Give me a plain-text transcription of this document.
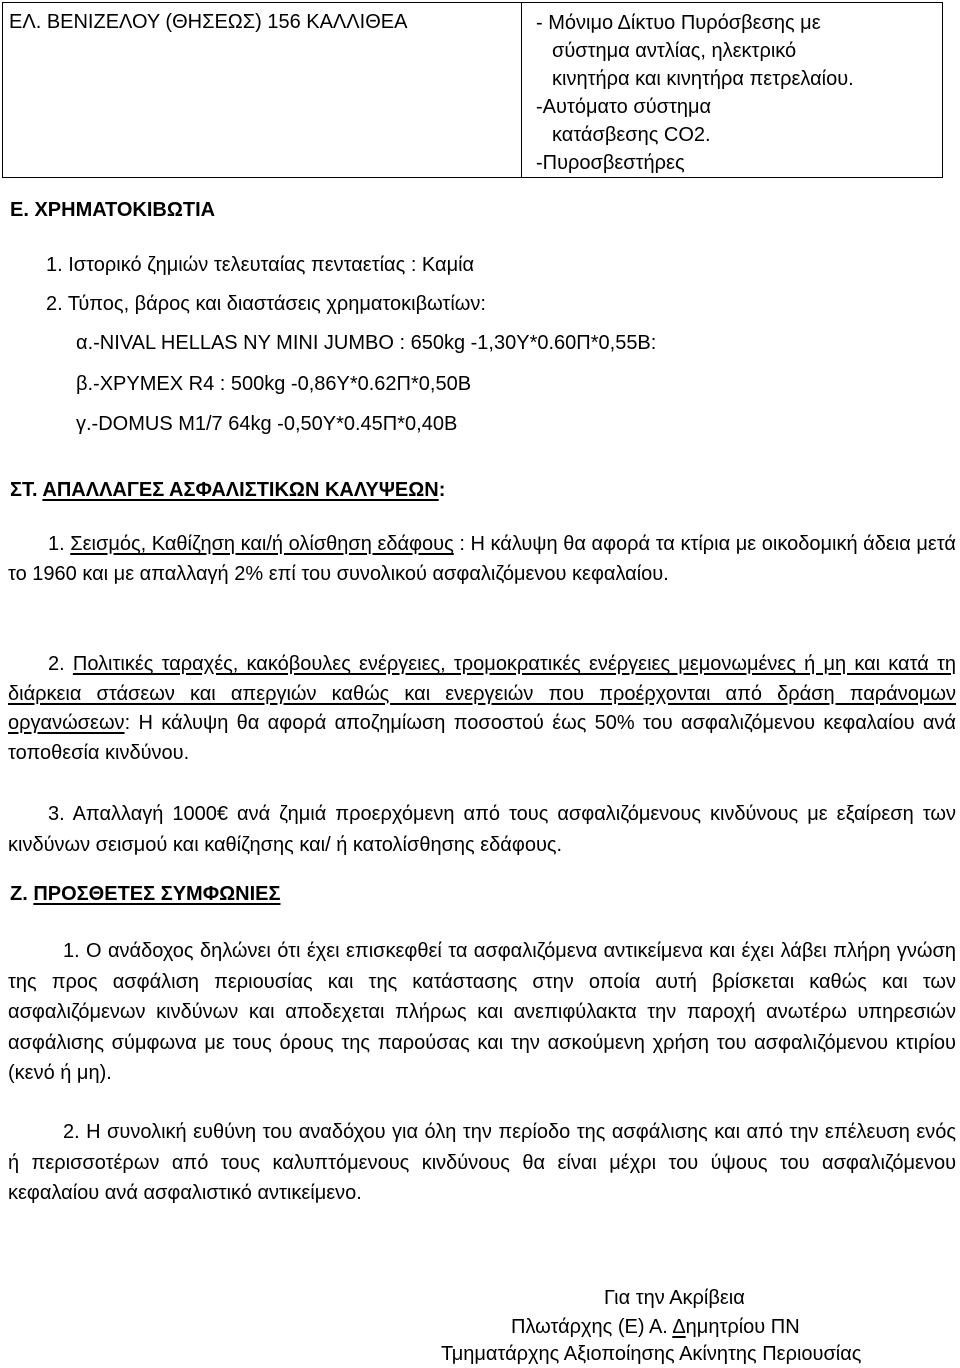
ΕΛ. ΒΕΝΙΖΕΛΟΥ (ΘΗΣΕΩΣ) 156 ΚΑΛΛΙΘΕΑ	- Μόνιμο Δίκτυο Πυρόσβεσης με
σύστημα αντλίας, ηλεκτρικό
κινητήρα και κινητήρα πετρελαίου.
-Αυτόματο σύστημα
κατάσβεσης CO2.
-Πυροσβεστήρες
Ε. ΧΡΗΜΑΤΟΚΙΒΩΤΙΑ
1. Ιστορικό ζημιών τελευταίας πενταετίας : Καμία
2. Τύπος, βάρος και διαστάσεις χρηματοκιβωτίων:
α.-NIVAL HELLAS NY MINI JUMBO : 650kg -1,30Υ*0.60Π*0,55Β:
β.-ΧΡΥΜΕΧ R4 : 500kg -0,86Υ*0.62Π*0,50Β
γ.-DOMUS M1/7 64kg -0,50Υ*0.45Π*0,40Β
ΣΤ. ΑΠΑΛΛΑΓΕΣ ΑΣΦΑΛΙΣΤΙΚΩΝ ΚΑΛΥΨΕΩΝ:
1. Σεισμός, Καθίζηση και/ή ολίσθηση εδάφους : Η κάλυψη θα αφορά τα κτίρια με οικοδομική άδεια μετά το 1960 και με απαλλαγή 2% επί του συνολικού ασφαλιζόμενου κεφαλαίου.
2. Πολιτικές ταραχές, κακόβουλες ενέργειες, τρομοκρατικές ενέργειες μεμονωμένες ή μη και κατά τη διάρκεια στάσεων και απεργιών καθώς και ενεργειών που προέρχονται από δράση παράνομων οργανώσεων: Η κάλυψη θα αφορά αποζημίωση ποσοστού έως 50% του ασφαλιζόμενου κεφαλαίου ανά τοποθεσία κινδύνου.
3. Απαλλαγή 1000€ ανά ζημιά προερχόμενη από τους ασφαλιζόμενους κινδύνους με εξαίρεση των κινδύνων σεισμού και καθίζησης και/ ή κατολίσθησης εδάφους.
Ζ. ΠΡΟΣΘΕΤΕΣ ΣΥΜΦΩΝΙΕΣ
1. Ο ανάδοχος δηλώνει ότι έχει επισκεφθεί τα ασφαλιζόμενα αντικείμενα και έχει λάβει πλήρη γνώση της προς ασφάλιση περιουσίας και της κατάστασης στην οποία αυτή βρίσκεται καθώς και των ασφαλιζόμενων κινδύνων και αποδεχεται πλήρως και ανεπιφύλακτα την παροχή ανωτέρω υπηρεσιών ασφάλισης σύμφωνα με τους όρους της παρούσας και την ασκούμενη χρήση του ασφαλιζόμενου κτιρίου (κενό ή μη).
2. Η συνολική ευθύνη του αναδόχου για όλη την περίοδο της ασφάλισης και από την επέλευση ενός ή περισσοτέρων από τους καλυπτόμενους κινδύνους θα είναι μέχρι του ύψους του ασφαλιζόμενου κεφαλαίου ανά ασφαλιστικό αντικείμενο.
Για την Ακρίβεια
Πλωτάρχης (Ε) Α. Δημητρίου ΠΝ
Τμηματάρχης Αξιοποίησης Ακίνητης Περιουσίας
